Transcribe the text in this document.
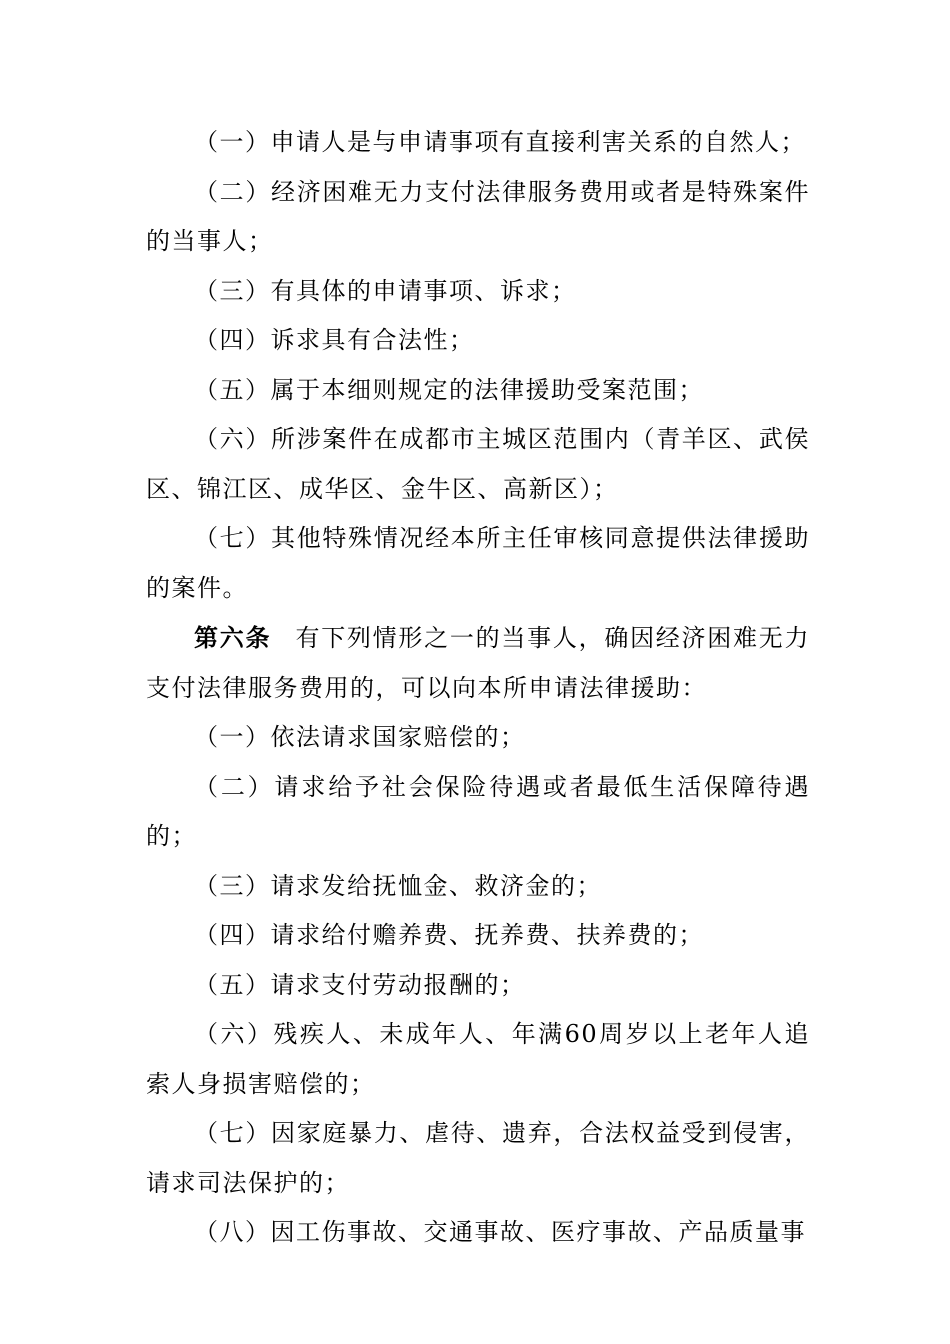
（一）申请人是与申请事项有直接利害关系的自然人；

（二）经济困难无力支付法律服务费用或者是特殊案件的当事人；

（三）有具体的申请事项、诉求；

（四）诉求具有合法性；

（五）属于本细则规定的法律援助受案范围；

（六）所涉案件在成都市主城区范围内（青羊区、武侯区、锦江区、成华区、金牛区、高新区）；

（七）其他特殊情况经本所主任审核同意提供法律援助的案件。

第六条 有下列情形之一的当事人，确因经济困难无力支付法律服务费用的，可以向本所申请法律援助：

（一）依法请求国家赔偿的；

（二）请求给予社会保险待遇或者最低生活保障待遇的；

（三）请求发给抚恤金、救济金的；

（四）请求给付赡养费、抚养费、扶养费的；

（五）请求支付劳动报酬的；

（六）残疾人、未成年人、年满60周岁以上老年人追索人身损害赔偿的；

（七）因家庭暴力、虐待、遗弃，合法权益受到侵害，请求司法保护的；

（八）因工伤事故、交通事故、医疗事故、产品质量事
